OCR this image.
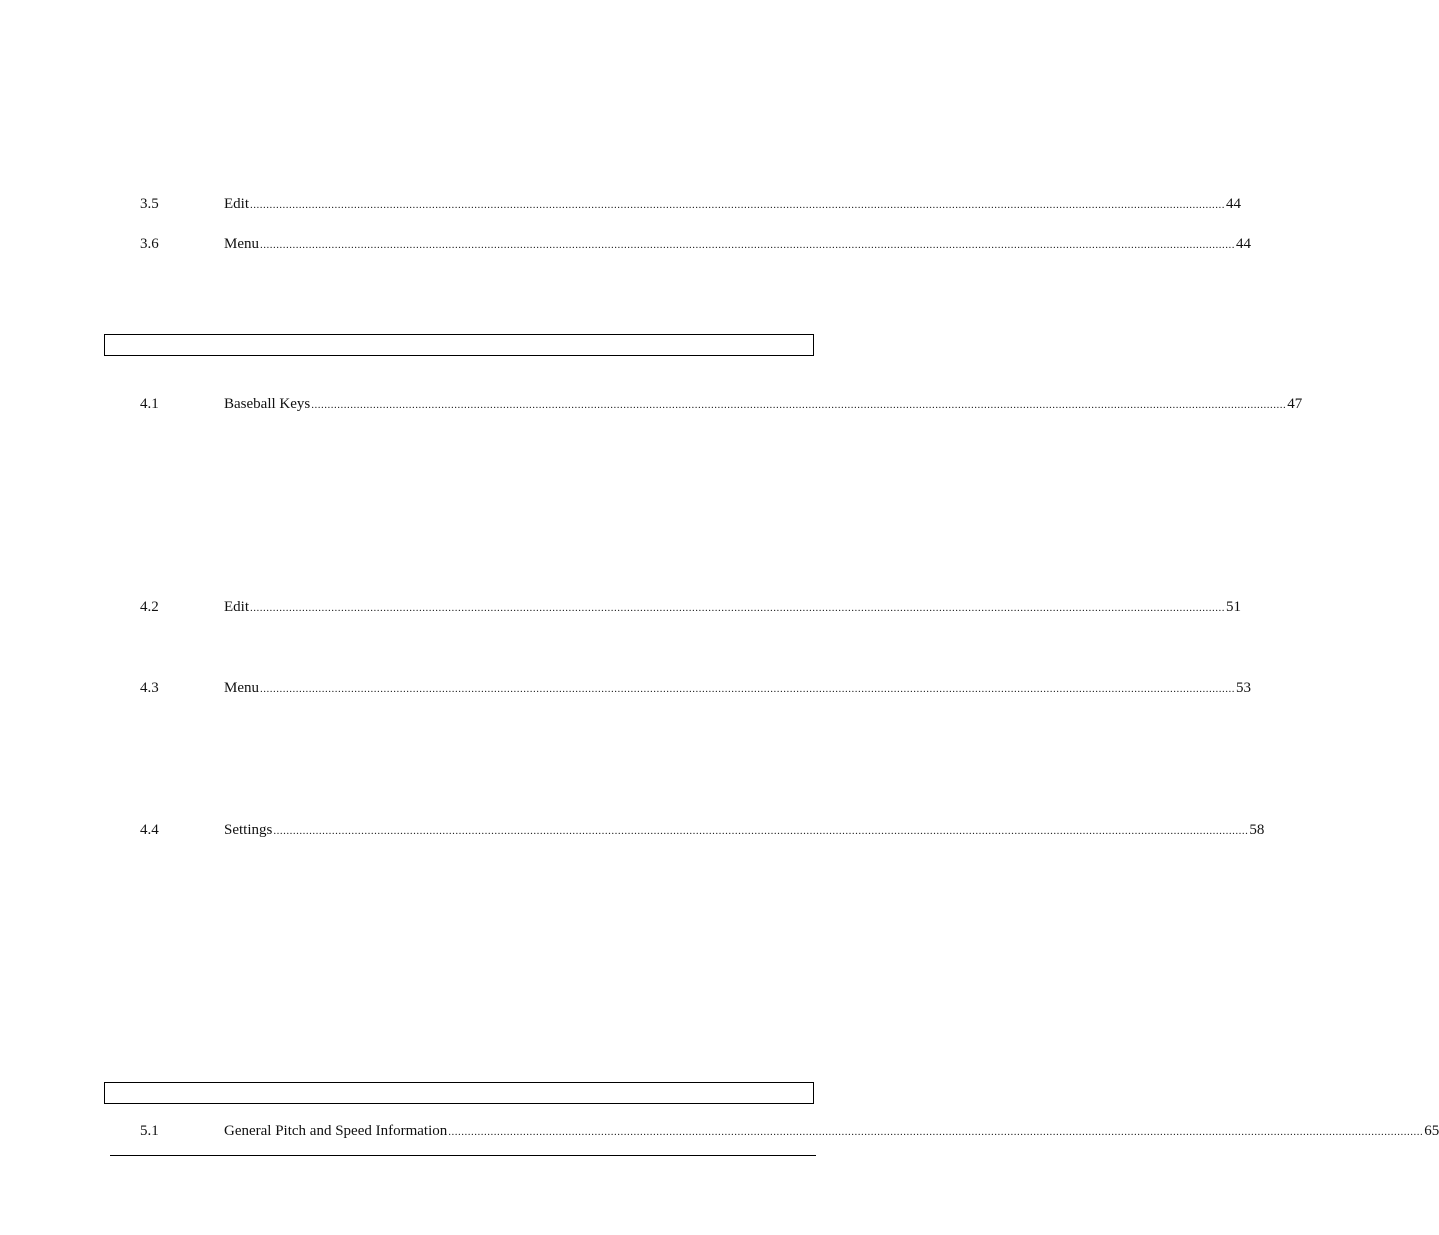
3.5	Edit ............................................................................................................................................................................................................................................................................................................ 44
3.6	Menu ............................................................................................................................................................................................................................................................................................................ 44
4.1	Baseball Keys ............................................................................................................................................................................................................................................................................................................ 47
4.2	Edit ............................................................................................................................................................................................................................................................................................................ 51
4.3	Menu ............................................................................................................................................................................................................................................................................................................ 53
4.4	Settings ............................................................................................................................................................................................................................................................................................................ 58
5.1	General Pitch and Speed Information ............................................................................................................................................................................................................................................................................................................ 65
